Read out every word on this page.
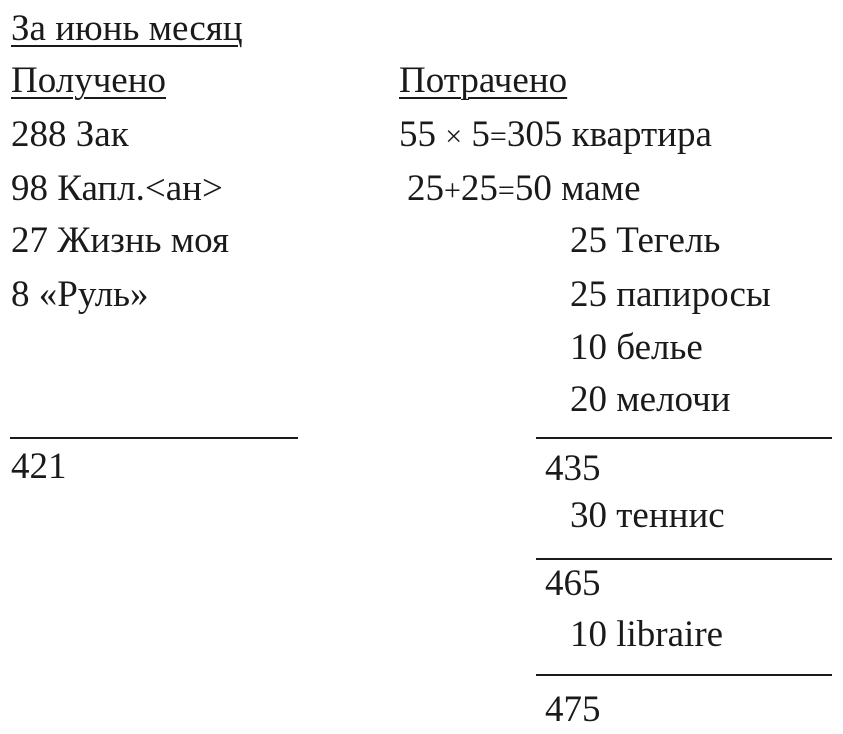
За июнь месяц
Получено
288 Зак
98 Капл.<ан>
27 Жизнь моя
8 «Руль»
421
Потрачено
55 × 5=305 квартира
25+25=50 маме
25 Тегель
25 папиросы
10 белье
20 мелочи
435
30 теннис
465
10 libraire
475
